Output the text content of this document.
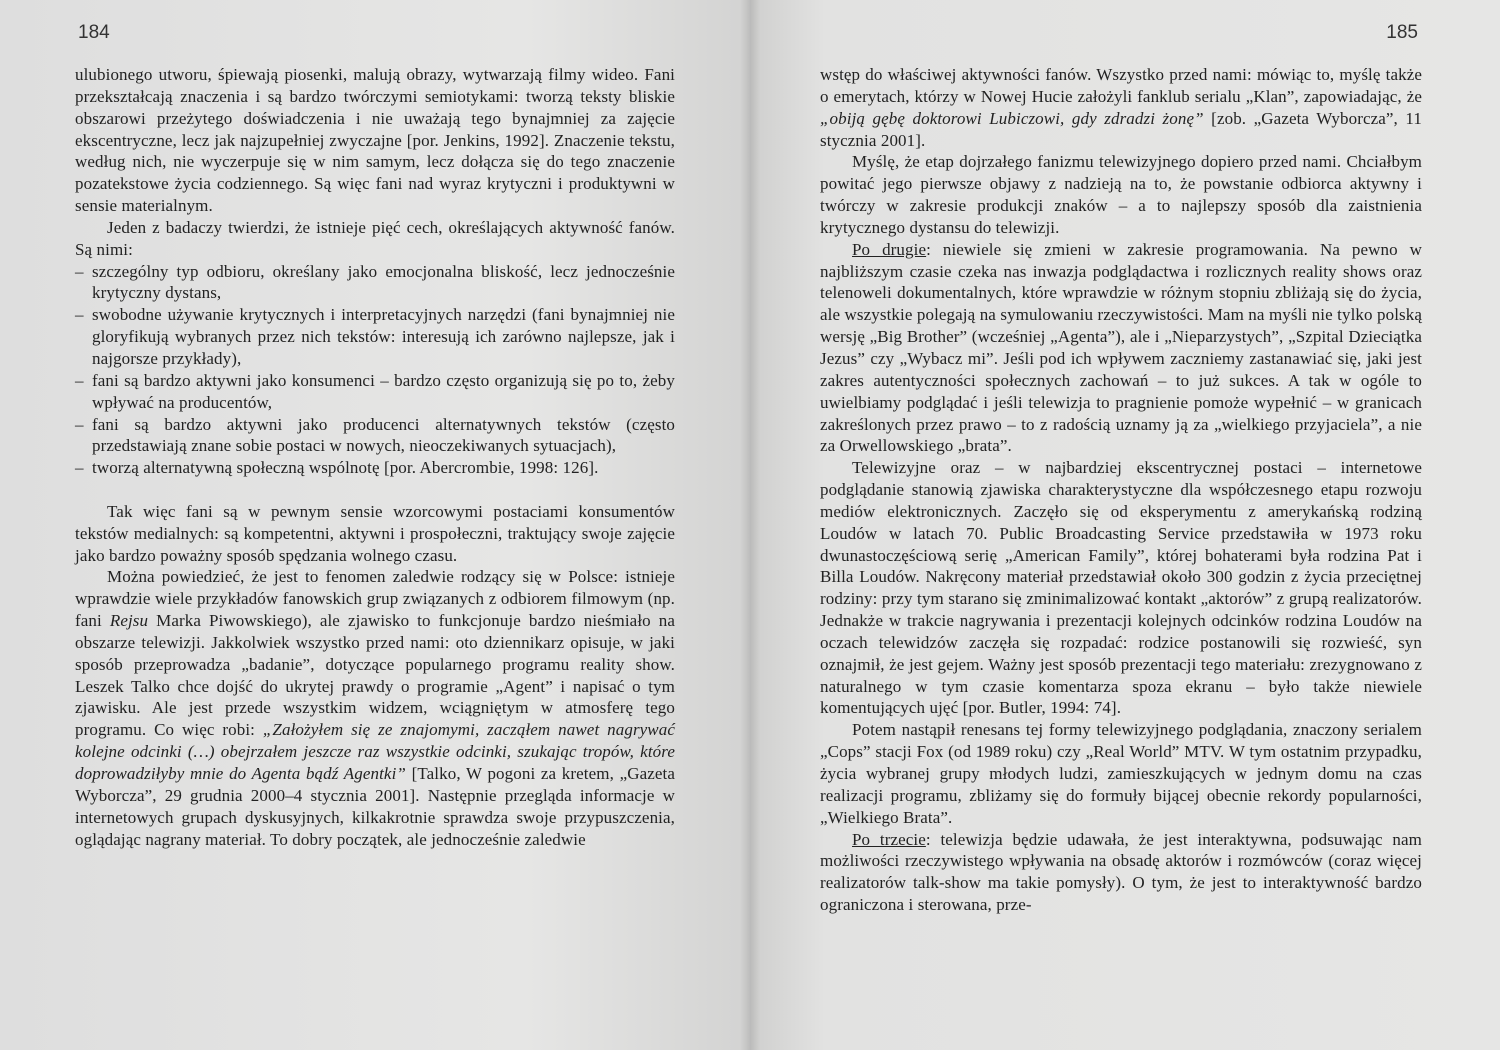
184

ulubionego utworu, śpiewają piosenki, malują obrazy, wytwarzają filmy wideo. Fani przekształcają znaczenia i są bardzo twórczymi semiotykami: tworzą teksty bliskie obszarowi przeżytego doświadczenia i nie uważają tego bynajmniej za zajęcie ekscentryczne, lecz jak najzupełniej zwyczajne [por. Jenkins, 1992]. Znaczenie tekstu, według nich, nie wyczerpuje się w nim samym, lecz dołącza się do tego znaczenie pozatekstowe życia codziennego. Są więc fani nad wyraz krytyczni i produktywni w sensie materialnym.

Jeden z badaczy twierdzi, że istnieje pięć cech, określających aktywność fanów. Są nimi:

– szczególny typ odbioru, określany jako emocjonalna bliskość, lecz jednocześnie krytyczny dystans,
– swobodne używanie krytycznych i interpretacyjnych narzędzi (fani bynajmniej nie gloryfikują wybranych przez nich tekstów: interesują ich zarówno najlepsze, jak i najgorsze przykłady),
– fani są bardzo aktywni jako konsumenci – bardzo często organizują się po to, żeby wpływać na producentów,
– fani są bardzo aktywni jako producenci alternatywnych tekstów (często przedstawiają znane sobie postaci w nowych, nieoczekiwanych sytuacjach),
– tworzą alternatywną społeczną wspólnotę [por. Abercrombie, 1998: 126].

Tak więc fani są w pewnym sensie wzorcowymi postaciami konsumentów tekstów medialnych: są kompetentni, aktywni i prospołeczni, traktujący swoje zajęcie jako bardzo poważny sposób spędzania wolnego czasu.

Można powiedzieć, że jest to fenomen zaledwie rodzący się w Polsce: istnieje wprawdzie wiele przykładów fanowskich grup związanych z odbiorem filmowym (np. fani Rejsu Marka Piwowskiego), ale zjawisko to funkcjonuje bardzo nieśmiało na obszarze telewizji. Jakkolwiek wszystko przed nami: oto dziennikarz opisuje, w jaki sposób przeprowadza „badanie”, dotyczące popularnego programu reality show. Leszek Talko chce dojść do ukrytej prawdy o programie „Agent” i napisać o tym zjawisku. Ale jest przede wszystkim widzem, wciągniętym w atmosferę tego programu. Co więc robi: „Założyłem się ze znajomymi, zacząłem nawet nagrywać kolejne odcinki (…) obejrzałem jeszcze raz wszystkie odcinki, szukając tropów, które doprowadziłyby mnie do Agenta bądź Agentki” [Talko, W pogoni za kretem, „Gazeta Wyborcza”, 29 grudnia 2000–4 stycznia 2001]. Następnie przegląda informacje w internetowych grupach dyskusyjnych, kilkakrotnie sprawdza swoje przypuszczenia, oglądając nagrany materiał. To dobry początek, ale jednocześnie zaledwie

185

wstęp do właściwej aktywności fanów. Wszystko przed nami: mówiąc to, myślę także o emerytach, którzy w Nowej Hucie założyli fanklub serialu „Klan”, zapowiadając, że „obiją gębę doktorowi Lubiczowi, gdy zdradzi żonę” [zob. „Gazeta Wyborcza”, 11 stycznia 2001].

Myślę, że etap dojrzałego fanizmu telewizyjnego dopiero przed nami. Chciałbym powitać jego pierwsze objawy z nadzieją na to, że powstanie odbiorca aktywny i twórczy w zakresie produkcji znaków – a to najlepszy sposób dla zaistnienia krytycznego dystansu do telewizji.

Po drugie: niewiele się zmieni w zakresie programowania. Na pewno w najbliższym czasie czeka nas inwazja podglądactwa i rozlicznych reality shows oraz telenoweli dokumentalnych, które wprawdzie w różnym stopniu zbliżają się do życia, ale wszystkie polegają na symulowaniu rzeczywistości. Mam na myśli nie tylko polską wersję „Big Brother” (wcześniej „Agenta”), ale i „Nieparzystych”, „Szpital Dzieciątka Jezus” czy „Wybacz mi”. Jeśli pod ich wpływem zaczniemy zastanawiać się, jaki jest zakres autentyczności społecznych zachowań – to już sukces. A tak w ogóle to uwielbiamy podglądać i jeśli telewizja to pragnienie pomoże wypełnić – w granicach zakreślonych przez prawo – to z radością uznamy ją za „wielkiego przyjaciela”, a nie za Orwellowskiego „brata”.

Telewizyjne oraz – w najbardziej ekscentrycznej postaci – internetowe podglądanie stanowią zjawiska charakterystyczne dla współczesnego etapu rozwoju mediów elektronicznych. Zaczęło się od eksperymentu z amerykańską rodziną Loudów w latach 70. Public Broadcasting Service przedstawiła w 1973 roku dwunastoczęściową serię „American Family”, której bohaterami była rodzina Pat i Billa Loudów. Nakręcony materiał przedstawiał około 300 godzin z życia przeciętnej rodziny: przy tym starano się zminimalizować kontakt „aktorów” z grupą realizatorów. Jednakże w trakcie nagrywania i prezentacji kolejnych odcinków rodzina Loudów na oczach telewidzów zaczęła się rozpadać: rodzice postanowili się rozwieść, syn oznajmił, że jest gejem. Ważny jest sposób prezentacji tego materiału: zrezygnowano z naturalnego w tym czasie komentarza spoza ekranu – było także niewiele komentujących ujęć [por. Butler, 1994: 74].

Potem nastąpił renesans tej formy telewizyjnego podglądania, znaczony serialem „Cops” stacji Fox (od 1989 roku) czy „Real World” MTV. W tym ostatnim przypadku, życia wybranej grupy młodych ludzi, zamieszkujących w jednym domu na czas realizacji programu, zbliżamy się do formuły bijącej obecnie rekordy popularności, „Wielkiego Brata”.

Po trzecie: telewizja będzie udawała, że jest interaktywna, podsuwając nam możliwości rzeczywistego wpływania na obsadę aktorów i rozmówców (coraz więcej realizatorów talk-show ma takie pomysły). O tym, że jest to interaktywność bardzo ograniczona i sterowana, prze-
